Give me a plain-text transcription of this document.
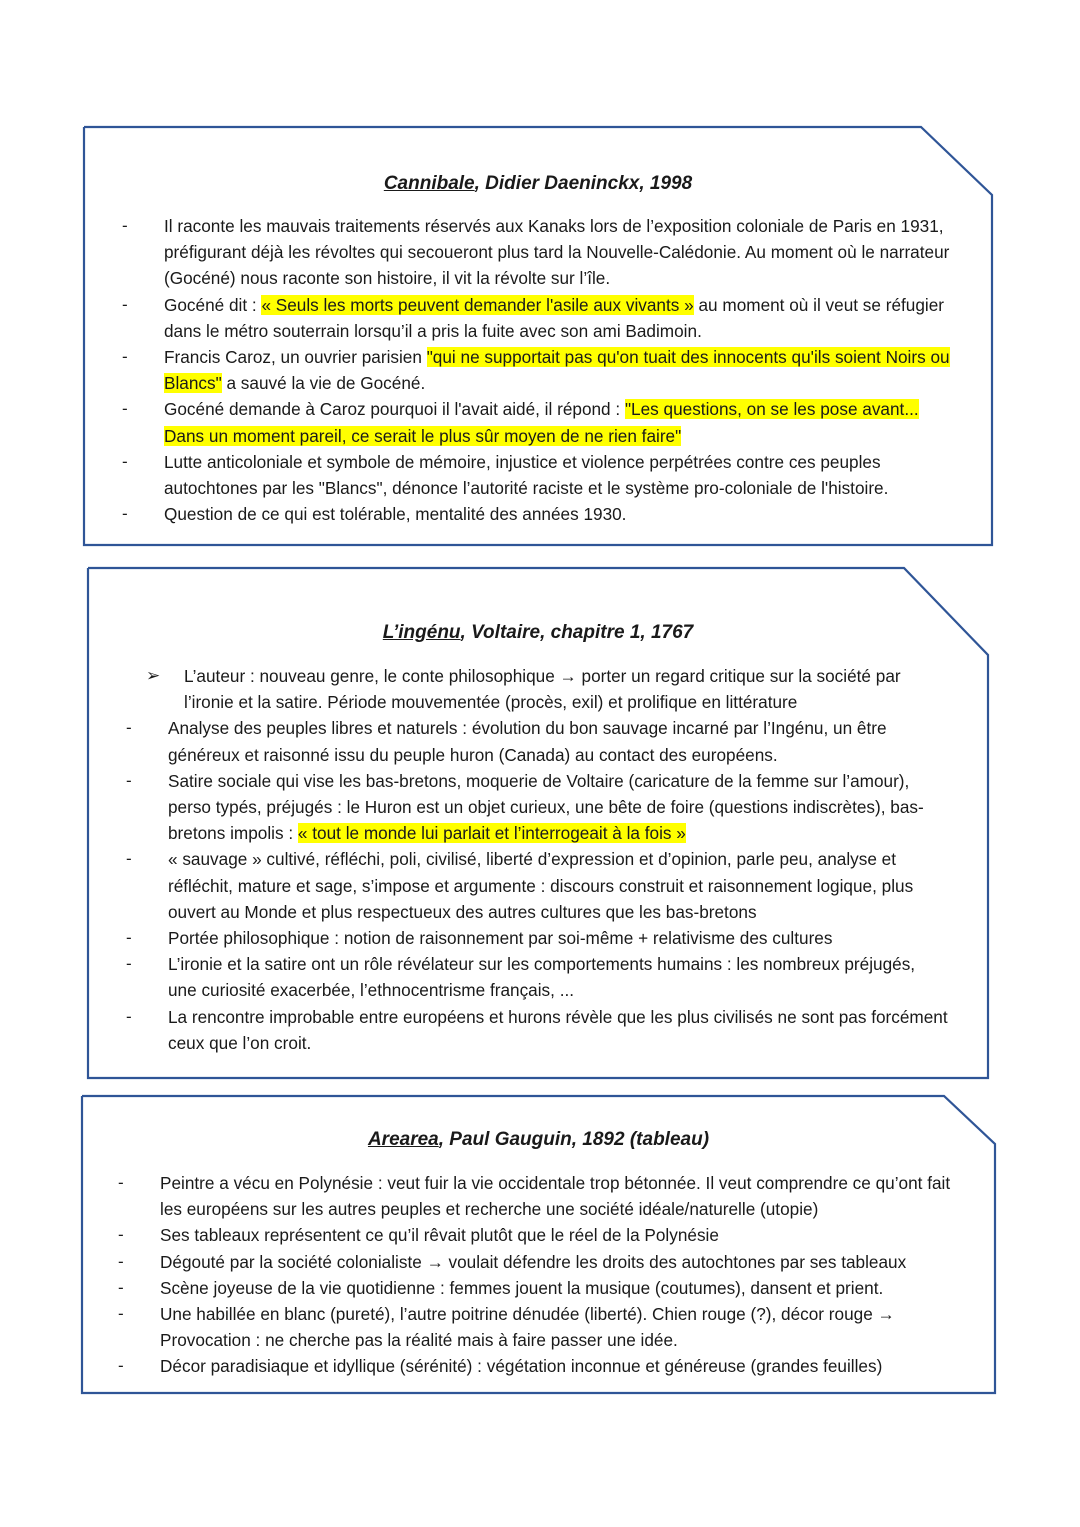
Cannibale, Didier Daeninckx, 1998
- Il raconte les mauvais traitements réservés aux Kanaks lors de l’exposition coloniale de Paris en 1931, préfigurant déjà les révoltes qui secoueront plus tard la Nouvelle-Calédonie. Au moment où le narrateur (Gocéné) nous raconte son histoire, il vit la révolte sur l’île.
- Gocéné dit : « Seuls les morts peuvent demander l'asile aux vivants » au moment où il veut se réfugier dans le métro souterrain lorsqu’il a pris la fuite avec son ami Badimoin.
- Francis Caroz, un ouvrier parisien "qui ne supportait pas qu'on tuait des innocents qu'ils soient Noirs ou Blancs" a sauvé la vie de Gocéné.
- Gocéné demande à Caroz pourquoi il l'avait aidé, il répond : "Les questions, on se les pose avant... Dans un moment pareil, ce serait le plus sûr moyen de ne rien faire"
- Lutte anticoloniale et symbole de mémoire, injustice et violence perpétrées contre ces peuples autochtones par les "Blancs", dénonce l’autorité raciste et le système pro-coloniale de l'histoire.
- Question de ce qui est tolérable, mentalité des années 1930.
L’ingénu, Voltaire, chapitre 1, 1767
➢ L’auteur : nouveau genre, le conte philosophique → porter un regard critique sur la société par l’ironie et la satire. Période mouvementée (procès, exil) et prolifique en littérature
- Analyse des peuples libres et naturels : évolution du bon sauvage incarné par l’Ingénu, un être généreux et raisonné issu du peuple huron (Canada) au contact des européens.
- Satire sociale qui vise les bas-bretons, moquerie de Voltaire (caricature de la femme sur l’amour), perso typés, préjugés : le Huron est un objet curieux, une bête de foire (questions indiscrètes), bas-bretons impolis : « tout le monde lui parlait et l’interrogeait à la fois »
- « sauvage » cultivé, réfléchi, poli, civilisé, liberté d’expression et d’opinion, parle peu, analyse et réfléchit, mature et sage, s’impose et argumente : discours construit et raisonnement logique, plus ouvert au Monde et plus respectueux des autres cultures que les bas-bretons
- Portée philosophique : notion de raisonnement par soi-même + relativisme des cultures
- L’ironie et la satire ont un rôle révélateur sur les comportements humains : les nombreux préjugés, une curiosité exacerbée, l’ethnocentrisme français, ...
- La rencontre improbable entre européens et hurons révèle que les plus civilisés ne sont pas forcément ceux que l’on croit.
Arearea, Paul Gauguin, 1892 (tableau)
- Peintre a vécu en Polynésie : veut fuir la vie occidentale trop bétonnée. Il veut comprendre ce qu’ont fait les européens sur les autres peuples et recherche une société idéale/naturelle (utopie)
- Ses tableaux représentent ce qu’il rêvait plutôt que le réel de la Polynésie
- Dégouté par la société colonialiste → voulait défendre les droits des autochtones par ses tableaux
- Scène joyeuse de la vie quotidienne : femmes jouent la musique (coutumes), dansent et prient.
- Une habillée en blanc (pureté), l’autre poitrine dénudée (liberté). Chien rouge (?), décor rouge → Provocation : ne cherche pas la réalité mais à faire passer une idée.
- Décor paradisiaque et idyllique (sérénité) : végétation inconnue et généreuse (grandes feuilles)
